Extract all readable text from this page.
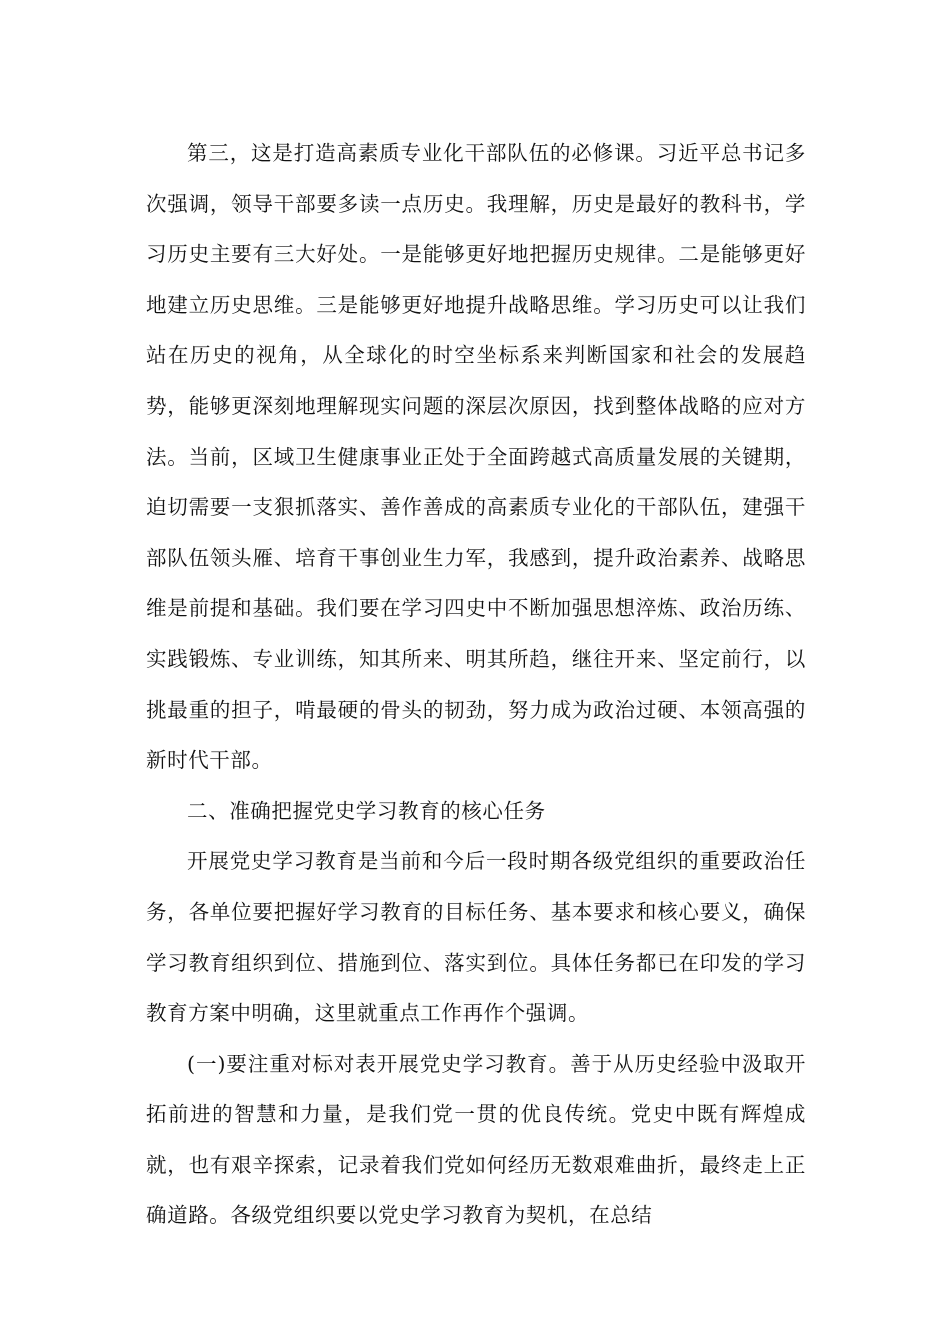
第三，这是打造高素质专业化干部队伍的必修课。习近平总书记多次强调，领导干部要多读一点历史。我理解，历史是最好的教科书，学习历史主要有三大好处。一是能够更好地把握历史规律。二是能够更好地建立历史思维。三是能够更好地提升战略思维。学习历史可以让我们站在历史的视角，从全球化的时空坐标系来判断国家和社会的发展趋势，能够更深刻地理解现实问题的深层次原因，找到整体战略的应对方法。当前，区域卫生健康事业正处于全面跨越式高质量发展的关键期，迫切需要一支狠抓落实、善作善成的高素质专业化的干部队伍，建强干部队伍领头雁、培育干事创业生力军，我感到，提升政治素养、战略思维是前提和基础。我们要在学习四史中不断加强思想淬炼、政治历练、实践锻炼、专业训练，知其所来、明其所趋，继往开来、坚定前行，以挑最重的担子，啃最硬的骨头的韧劲，努力成为政治过硬、本领高强的新时代干部。

二、准确把握党史学习教育的核心任务

开展党史学习教育是当前和今后一段时期各级党组织的重要政治任务，各单位要把握好学习教育的目标任务、基本要求和核心要义，确保学习教育组织到位、措施到位、落实到位。具体任务都已在印发的学习教育方案中明确，这里就重点工作再作个强调。

(一)要注重对标对表开展党史学习教育。善于从历史经验中汲取开拓前进的智慧和力量，是我们党一贯的优良传统。党史中既有辉煌成就，也有艰辛探索，记录着我们党如何经历无数艰难曲折，最终走上正确道路。各级党组织要以党史学习教育为契机，在总结
